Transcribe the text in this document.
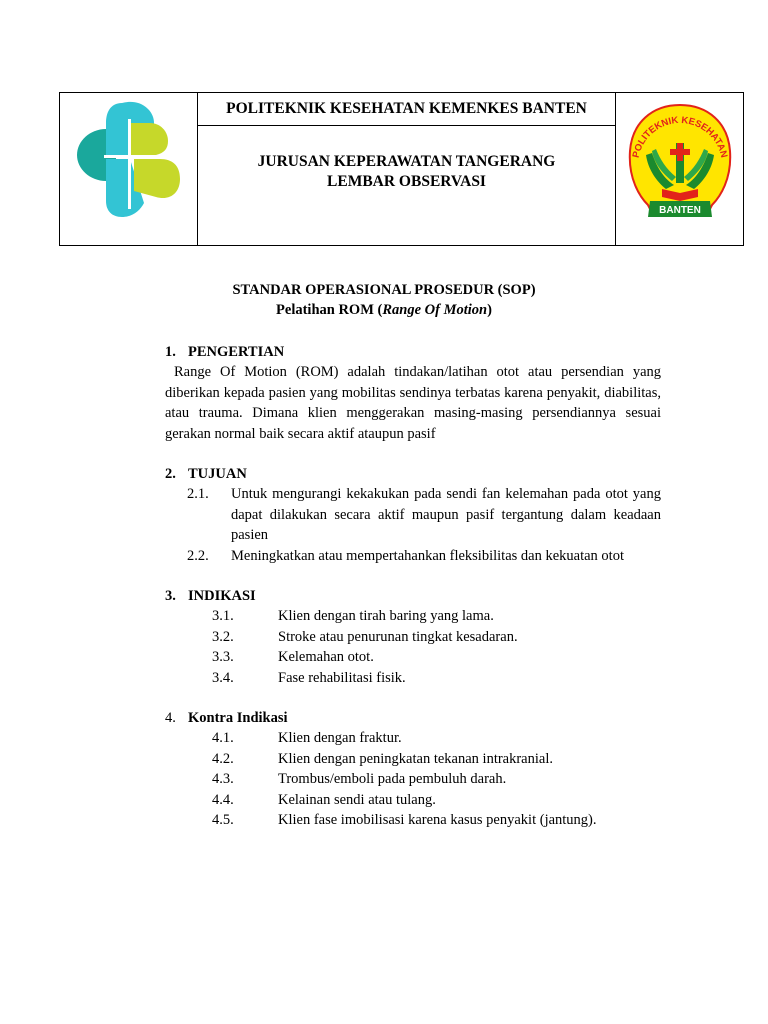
POLITEKNIK KESEHATAN KEMENKES BANTEN
JURUSAN KEPERAWATAN TANGERANG
LEMBAR OBSERVASI

POLITEKNIK KESEHATAN
BANTEN
STANDAR OPERASIONAL PROSEDUR (SOP)
Pelatihan ROM (Range Of Motion)
1. PENGERTIAN
Range Of Motion (ROM) adalah tindakan/latihan otot atau persendian yang diberikan kepada pasien yang mobilitas sendinya terbatas karena penyakit, diabilitas, atau trauma. Dimana klien menggerakan masing-masing persendiannya sesuai gerakan normal baik secara aktif ataupun pasif
2. TUJUAN
2.1. Untuk mengurangi kekakukan pada sendi fan kelemahan pada otot yang dapat dilakukan secara aktif maupun pasif tergantung dalam keadaan pasien
2.2. Meningkatkan atau mempertahankan fleksibilitas dan kekuatan otot
3. INDIKASI
3.1.	Klien dengan tirah baring yang lama.
3.2.	Stroke atau penurunan tingkat kesadaran.
3.3.	Kelemahan otot.
3.4.	Fase rehabilitasi fisik.
4. Kontra Indikasi
4.1.	Klien dengan fraktur.
4.2.	Klien dengan peningkatan tekanan intrakranial.
4.3.	Trombus/emboli pada pembuluh darah.
4.4.	Kelainan sendi atau tulang.
4.5.	Klien fase imobilisasi karena kasus penyakit (jantung).
